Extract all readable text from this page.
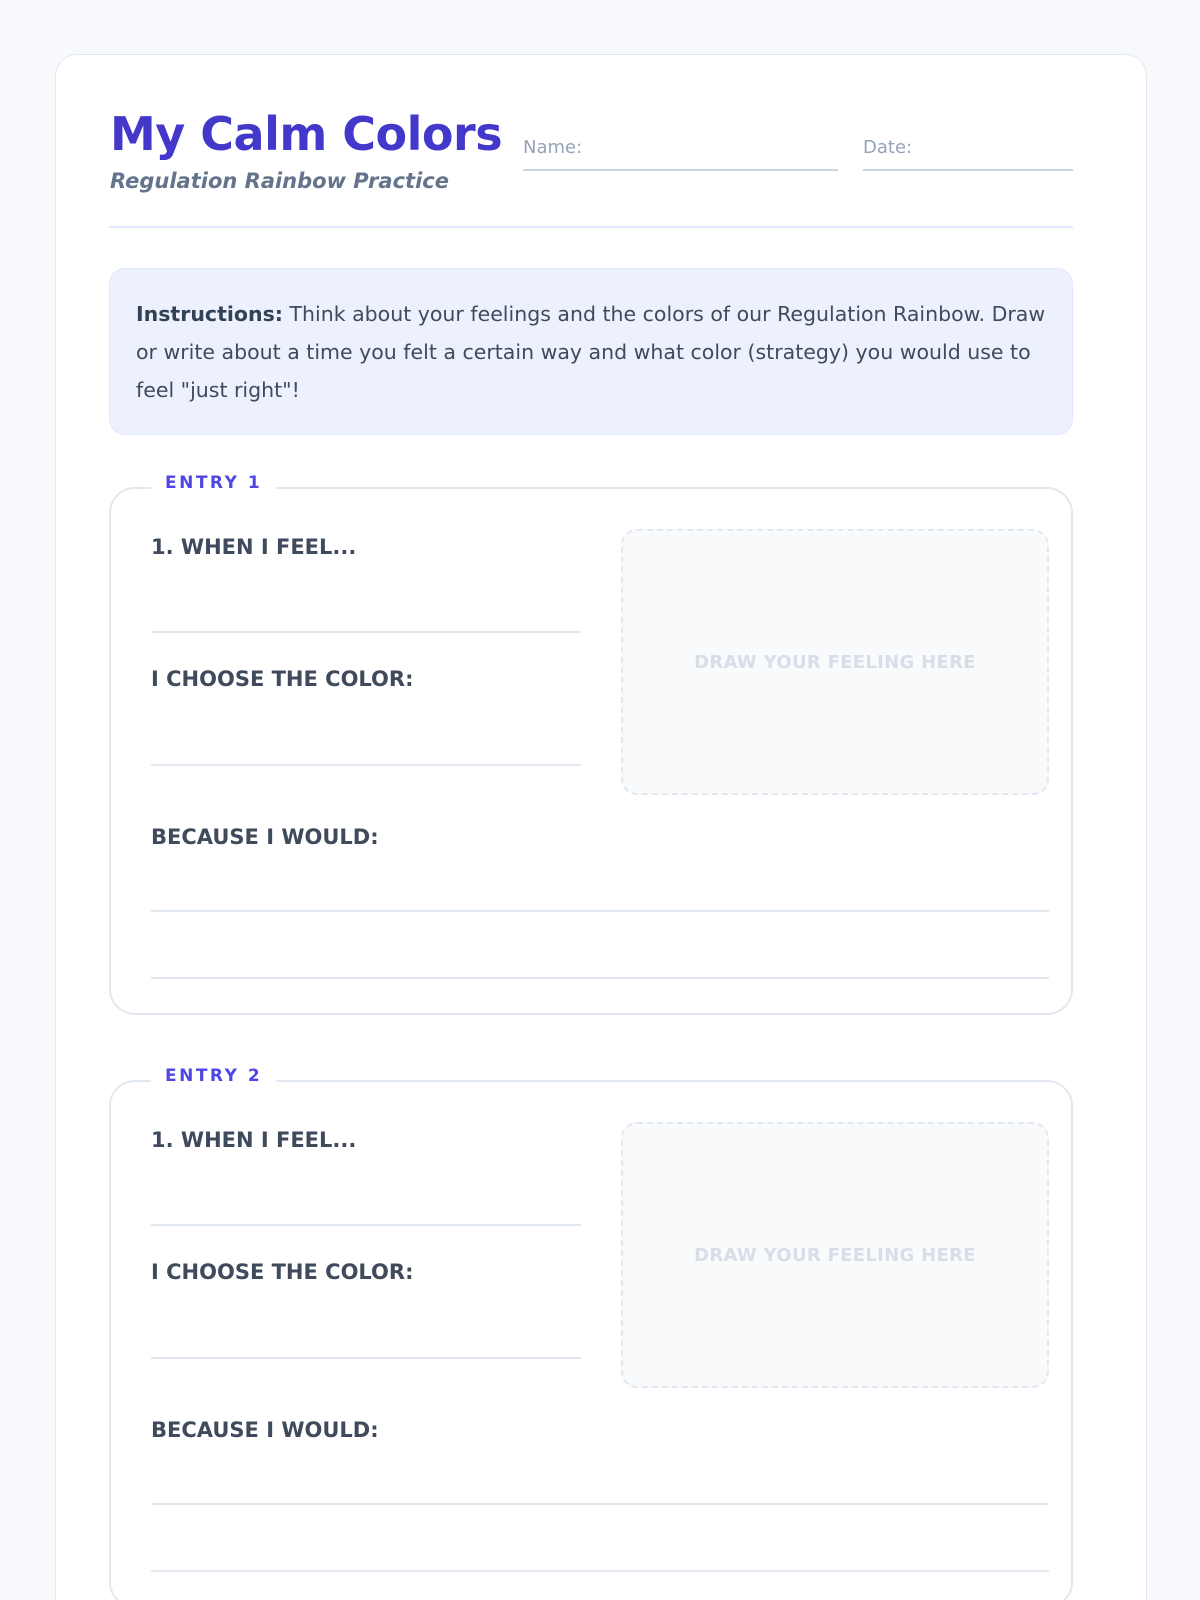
My Calm Colors
Regulation Rainbow Practice
Name:	Date:
Instructions: Think about your feelings and the colors of our Regulation Rainbow. Draw or write about a time you felt a certain way and what color (strategy) you would use to feel "just right"!
ENTRY 1
1. WHEN I FEEL...
I CHOOSE THE COLOR:
DRAW YOUR FEELING HERE
BECAUSE I WOULD:
ENTRY 2
1. WHEN I FEEL...
I CHOOSE THE COLOR:
DRAW YOUR FEELING HERE
BECAUSE I WOULD:
